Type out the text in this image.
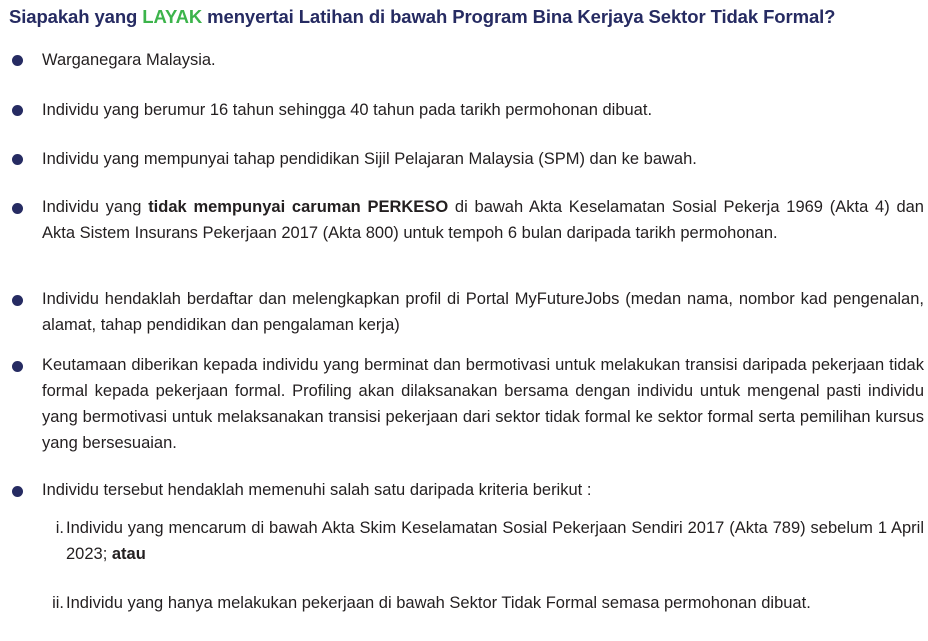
Siapakah yang LAYAK menyertai Latihan di bawah Program Bina Kerjaya Sektor Tidak Formal?
Warganegara Malaysia.
Individu yang berumur 16 tahun sehingga 40 tahun pada tarikh permohonan dibuat.
Individu yang mempunyai tahap pendidikan Sijil Pelajaran Malaysia (SPM) dan ke bawah.
Individu yang tidak mempunyai caruman PERKESO di bawah Akta Keselamatan Sosial Pekerja 1969 (Akta 4) dan Akta Sistem Insurans Pekerjaan 2017 (Akta 800) untuk tempoh 6 bulan daripada tarikh permohonan.
Individu hendaklah berdaftar dan melengkapkan profil di Portal MyFutureJobs (medan nama, nombor kad pengenalan, alamat, tahap pendidikan dan pengalaman kerja)
Keutamaan diberikan kepada individu yang berminat dan bermotivasi untuk melakukan transisi daripada pekerjaan tidak formal kepada pekerjaan formal. Profiling akan dilaksanakan bersama dengan individu untuk mengenal pasti individu yang bermotivasi untuk melaksanakan transisi pekerjaan dari sektor tidak formal ke sektor formal serta pemilihan kursus yang bersesuaian.
Individu tersebut hendaklah memenuhi salah satu daripada kriteria berikut :
i. Individu yang mencarum di bawah Akta Skim Keselamatan Sosial Pekerjaan Sendiri 2017 (Akta 789) sebelum 1 April 2023; atau
ii. Individu yang hanya melakukan pekerjaan di bawah Sektor Tidak Formal semasa permohonan dibuat.
